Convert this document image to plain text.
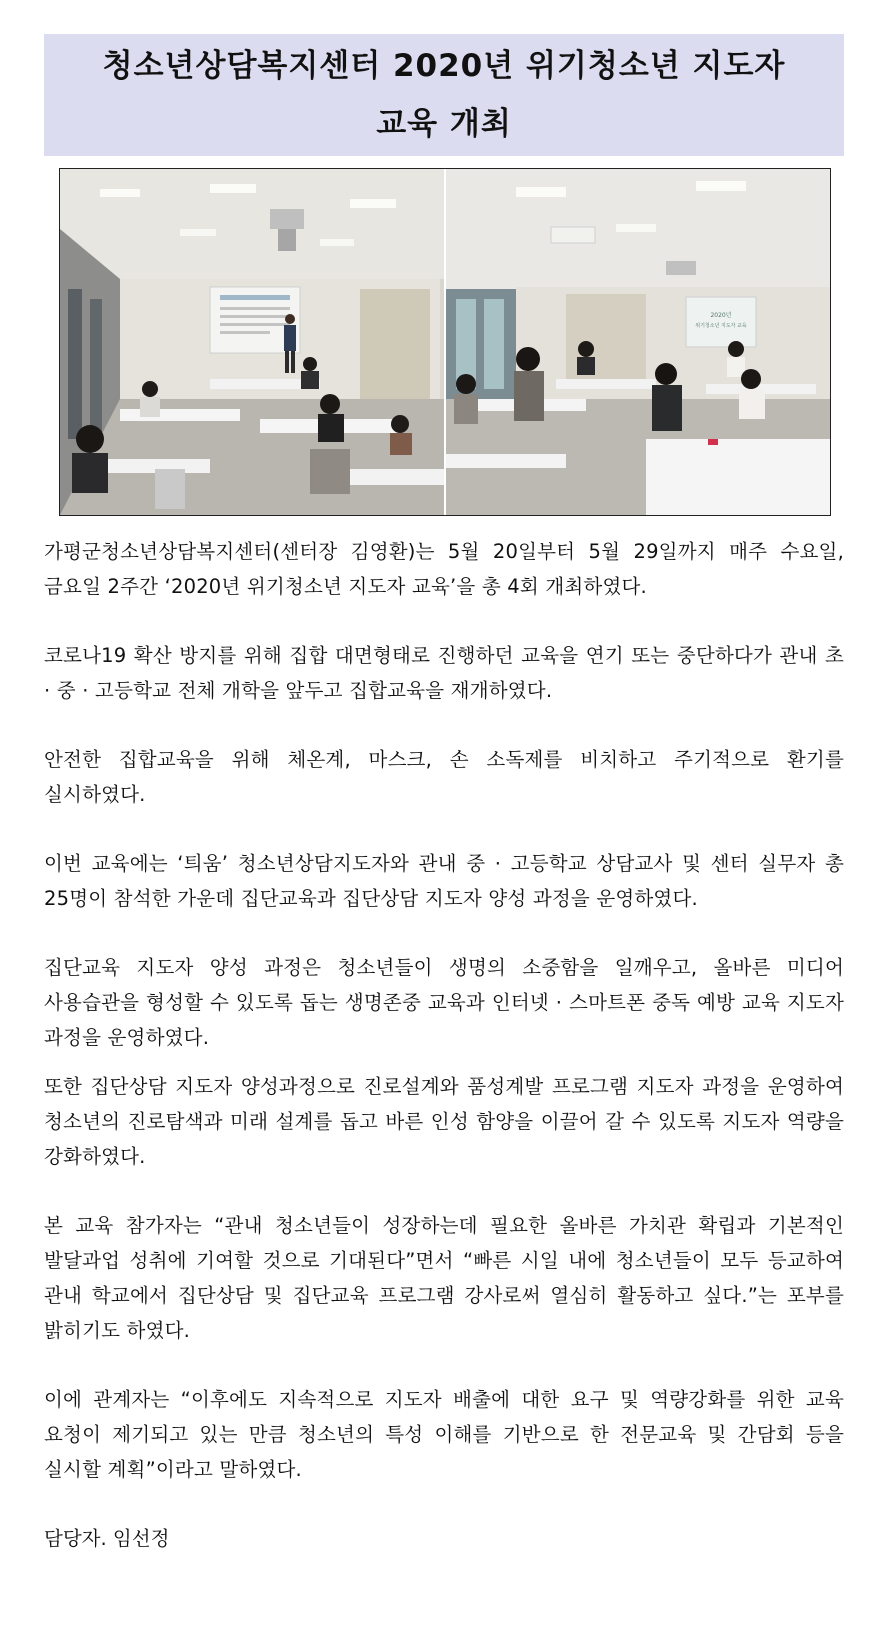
청소년상담복지센터 2020년 위기청소년 지도자
교육 개최
2020년
위기청소년 지도자 교육

가평군청소년상담복지센터(센터장 김영환)는 5월 20일부터 5월 29일까지 매주 수요일, 금요일 2주간 ‘2020년 위기청소년 지도자 교육’을 총 4회 개최하였다.

코로나19 확산 방지를 위해 집합 대면형태로 진행하던 교육을 연기 또는 중단하다가 관내 초 · 중 · 고등학교 전체 개학을 앞두고 집합교육을 재개하였다.

안전한 집합교육을 위해 체온계, 마스크, 손 소독제를 비치하고 주기적으로 환기를 실시하였다.

이번 교육에는 ‘틔움’ 청소년상담지도자와 관내 중 · 고등학교 상담교사 및 센터 실무자 총 25명이 참석한 가운데 집단교육과 집단상담 지도자 양성 과정을 운영하였다.

집단교육 지도자 양성 과정은 청소년들이 생명의 소중함을 일깨우고, 올바른 미디어 사용습관을 형성할 수 있도록 돕는 생명존중 교육과 인터넷 · 스마트폰 중독 예방 교육 지도자 과정을 운영하였다.

또한 집단상담 지도자 양성과정으로 진로설계와 품성계발 프로그램 지도자 과정을 운영하여 청소년의 진로탐색과 미래 설계를 돕고 바른 인성 함양을 이끌어 갈 수 있도록 지도자 역량을 강화하였다.

본 교육 참가자는 “관내 청소년들이 성장하는데 필요한 올바른 가치관 확립과 기본적인 발달과업 성취에 기여할 것으로 기대된다”면서 “빠른 시일 내에 청소년들이 모두 등교하여 관내 학교에서 집단상담 및 집단교육 프로그램 강사로써 열심히 활동하고 싶다.”는 포부를 밝히기도 하였다.

이에 관계자는 “이후에도 지속적으로 지도자 배출에 대한 요구 및 역량강화를 위한 교육 요청이 제기되고 있는 만큼 청소년의 특성 이해를 기반으로 한 전문교육 및 간담회 등을 실시할 계획”이라고 말하였다.

담당자. 임선정
